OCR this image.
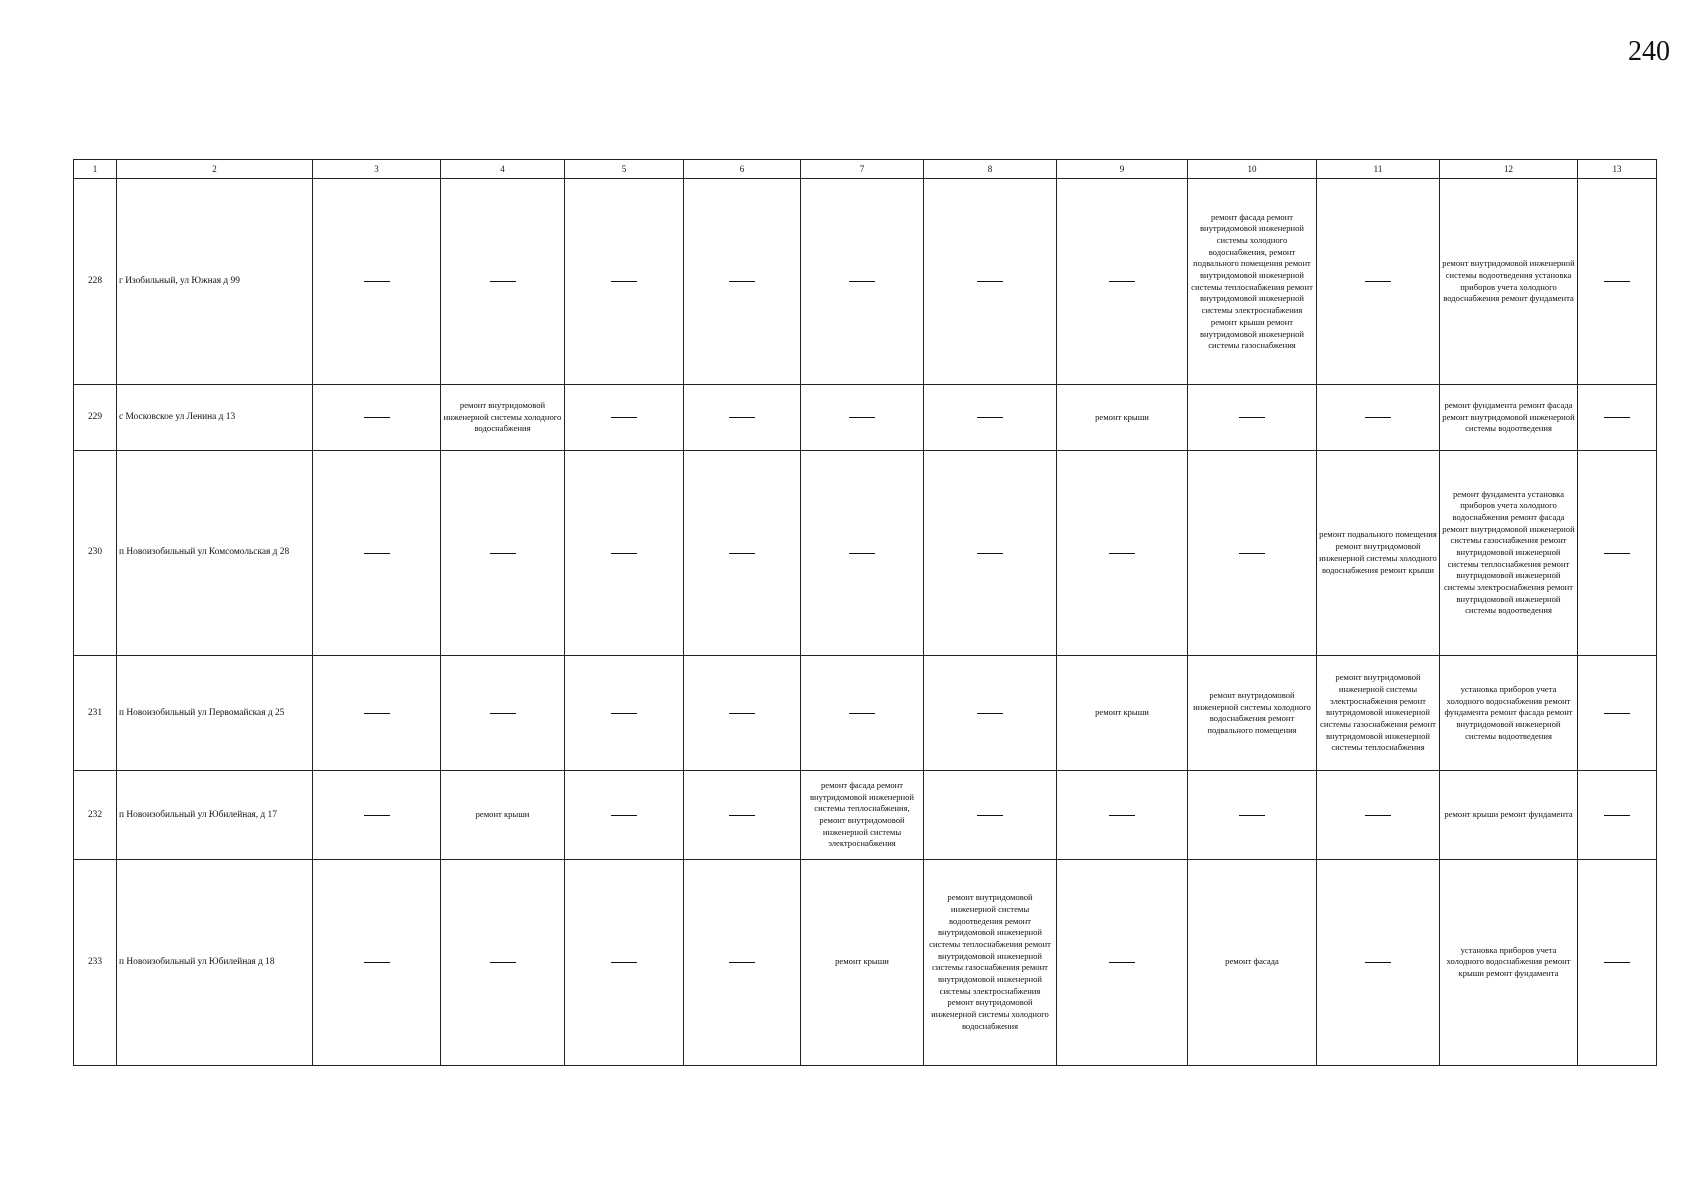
240
1	2	3	4	5	6	7	8	9	10	11	12	13
228	г Изобильный, ул Южная д 99								ремонт фасада ремонт внутридомовой инженерной системы холодного водоснабжения, ремонт подвального помещения ремонт внутридомовой инженерной системы теплоснабжения ремонт внутридомовой инженерной системы электроснабжения ремонт крыши ремонт внутридомовой инженерной системы газоснабжения		ремонт внутридомовой инженерной системы водоотведения установка приборов учета холодного водоснабжения ремонт фундамента	
229	с Московское ул Ленина д 13		ремонт внутридомовой инженерной системы холодного водоснабжения					ремонт крыши			ремонт фундамента ремонт фасада ремонт внутридомовой инженерной системы водоотведения	
230	п Новоизобильный ул Комсомольская д 28									ремонт подвального помещения ремонт внутридомовой инженерной системы холодного водоснабжения ремонт крыши	ремонт фундамента установка приборов учета холодного водоснабжения ремонт фасада ремонт внутридомовой инженерной системы газоснабжения ремонт внутридомовой инженерной системы теплоснабжения ремонт внутридомовой инженерной системы электроснабжения ремонт внутридомовой инженерной системы водоотведения	
231	п Новоизобильный ул Первомайская д 25							ремонт крыши	ремонт внутридомовой инженерной системы холодного водоснабжения ремонт подвального помещения	ремонт внутридомовой инженерной системы электроснабжения ремонт внутридомовой инженерной системы газоснабжения ремонт внутридомовой инженерной системы теплоснабжения	установка приборов учета холодного водоснабжения ремонт фундамента ремонт фасада ремонт внутридомовой инженерной системы водоотведения	
232	п Новоизобильный ул Юбилейная, д 17		ремонт крыши			ремонт фасада ремонт внутридомовой инженерной системы теплоснабжения, ремонт внутридомовой инженерной системы электроснабжения					ремонт крыши ремонт фундамента	
233	п Новоизобильный ул Юбилейная д 18					ремонт крыши	ремонт внутридомовой инженерной системы водоотведения ремонт внутридомовой инженерной системы теплоснабжения ремонт внутридомовой инженерной системы газоснабжения ремонт внутридомовой инженерной системы электроснабжения ремонт внутридомовой инженерной системы холодного водоснабжения		ремонт фасада		установка приборов учета холодного водоснабжения ремонт крыши ремонт фундамента	
